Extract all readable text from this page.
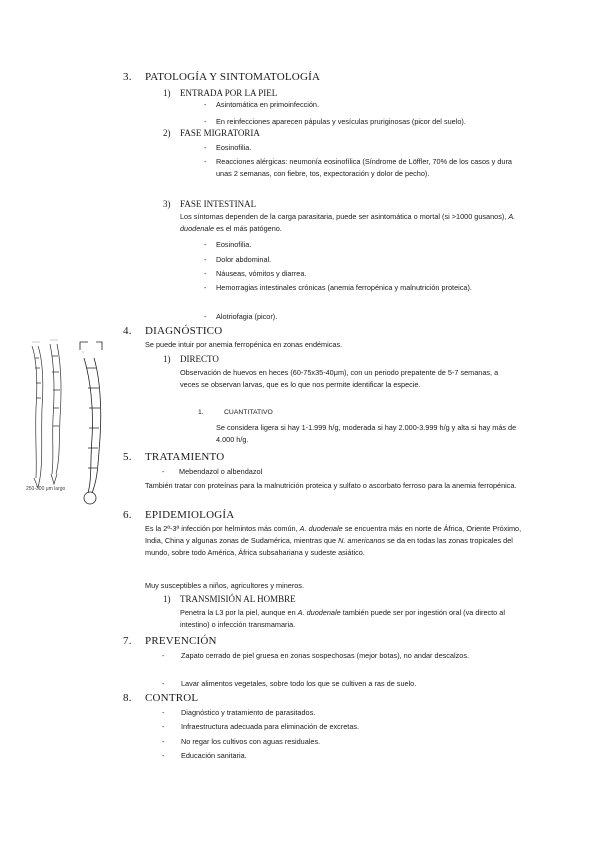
3. PATOLOGÍA Y SINTOMATOLOGÍA
1) ENTRADA POR LA PIEL
- Asintomática en primoinfección.
- En reinfecciones aparecen pápulas y vesículas pruriginosas (picor del suelo).
2) FASE MIGRATORIA
- Eosinofilia.
-	Reacciones alérgicas: neumonía eosinofílica (Síndrome de Löffler, 70% de los casos y dura unas 2 semanas, con fiebre, tos, expectoración y dolor de pecho).
3) FASE INTESTINAL
Los síntomas dependen de la carga parasitaria, puede ser asintomática o mortal (si >1000 gusanos), A. duodenale es el más patógeno.
- Eosinofilia.
- Dolor abdominal.
- Náuseas, vómitos y diarrea.
-	Hemorragias intestinales crónicas (anemia ferropénica y malnutrición proteica).
- Alotriofagia (picor).
4. DIAGNÓSTICO
Se puede intuir por anemia ferropénica en zonas endémicas.
1) DIRECTO
Observación de huevos en heces (60-75x35-40μm), con un periodo prepatente de 5-7 semanas, a veces se observan larvas, que es lo que nos permite identificar la especie.
1.	CUANTITATIVO
Se considera ligera si hay 1-1.999 h/g, moderada si hay 2.000-3.999 h/g y alta si hay más de 4.000 h/g.
250-300 μm largo
5. TRATAMIENTO
- Mebendazol o albendazol
También tratar con proteínas para la malnutrición proteica y sulfato o ascorbato ferroso para la anemia ferropénica.
6. EPIDEMIOLOGÍA
Es la 2ª-3ª infección por helmintos más común, A. duodenale se encuentra más en norte de África, Oriente Próximo, India, China y algunas zonas de Sudamérica, mientras que N. americanos se da en todas las zonas tropicales del mundo, sobre todo América, África subsahariana y sudeste asiático.
Muy susceptibles a niños, agricultores y mineros.
1) TRANSMISIÓN AL HOMBRE
Penetra la L3 por la piel, aunque en A. duodenale también puede ser por ingestión oral (va directo al intestino) o infección transmamaria.
7. PREVENCIÓN
-	Zapato cerrado de piel gruesa en zonas sospechosas (mejor botas), no andar descalzos.
- Lavar alimentos vegetales, sobre todo los que se cultiven a ras de suelo.
8. CONTROL
- Diagnóstico y tratamiento de parasitados.
- Infraestructura adecuada para eliminación de excretas.
- No regar los cultivos con aguas residuales.
- Educación sanitaria.
